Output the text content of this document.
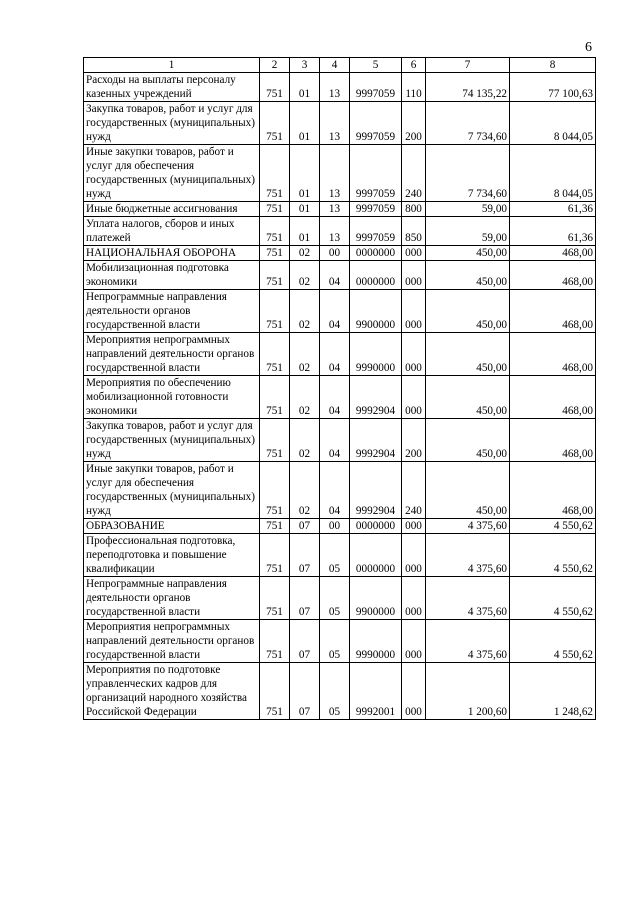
6
1	2	3	4	5	6	7	8
Расходы на выплаты персоналу казенных учреждений	751	01	13	9997059	110	74 135,22	77 100,63
Закупка товаров, работ и услуг для государственных (муниципальных) нужд	751	01	13	9997059	200	7 734,60	8 044,05
Иные закупки товаров, работ и услуг для обеспечения государственных (муниципальных) нужд	751	01	13	9997059	240	7 734,60	8 044,05
Иные бюджетные ассигнования	751	01	13	9997059	800	59,00	61,36
Уплата налогов, сборов и иных платежей	751	01	13	9997059	850	59,00	61,36
НАЦИОНАЛЬНАЯ ОБОРОНА	751	02	00	0000000	000	450,00	468,00
Мобилизационная подготовка экономики	751	02	04	0000000	000	450,00	468,00
Непрограммные направления деятельности органов государственной власти	751	02	04	9900000	000	450,00	468,00
Мероприятия непрограммных направлений деятельности органов государственной власти	751	02	04	9990000	000	450,00	468,00
Мероприятия по обеспечению мобилизационной готовности экономики	751	02	04	9992904	000	450,00	468,00
Закупка товаров, работ и услуг для государственных (муниципальных) нужд	751	02	04	9992904	200	450,00	468,00
Иные закупки товаров, работ и услуг для обеспечения государственных (муниципальных) нужд	751	02	04	9992904	240	450,00	468,00
ОБРАЗОВАНИЕ	751	07	00	0000000	000	4 375,60	4 550,62
Профессиональная подготовка, переподготовка и повышение квалификации	751	07	05	0000000	000	4 375,60	4 550,62
Непрограммные направления деятельности органов государственной власти	751	07	05	9900000	000	4 375,60	4 550,62
Мероприятия непрограммных направлений деятельности органов государственной власти	751	07	05	9990000	000	4 375,60	4 550,62
Мероприятия по подготовке управленческих кадров для организаций народного хозяйства Российской Федерации	751	07	05	9992001	000	1 200,60	1 248,62
